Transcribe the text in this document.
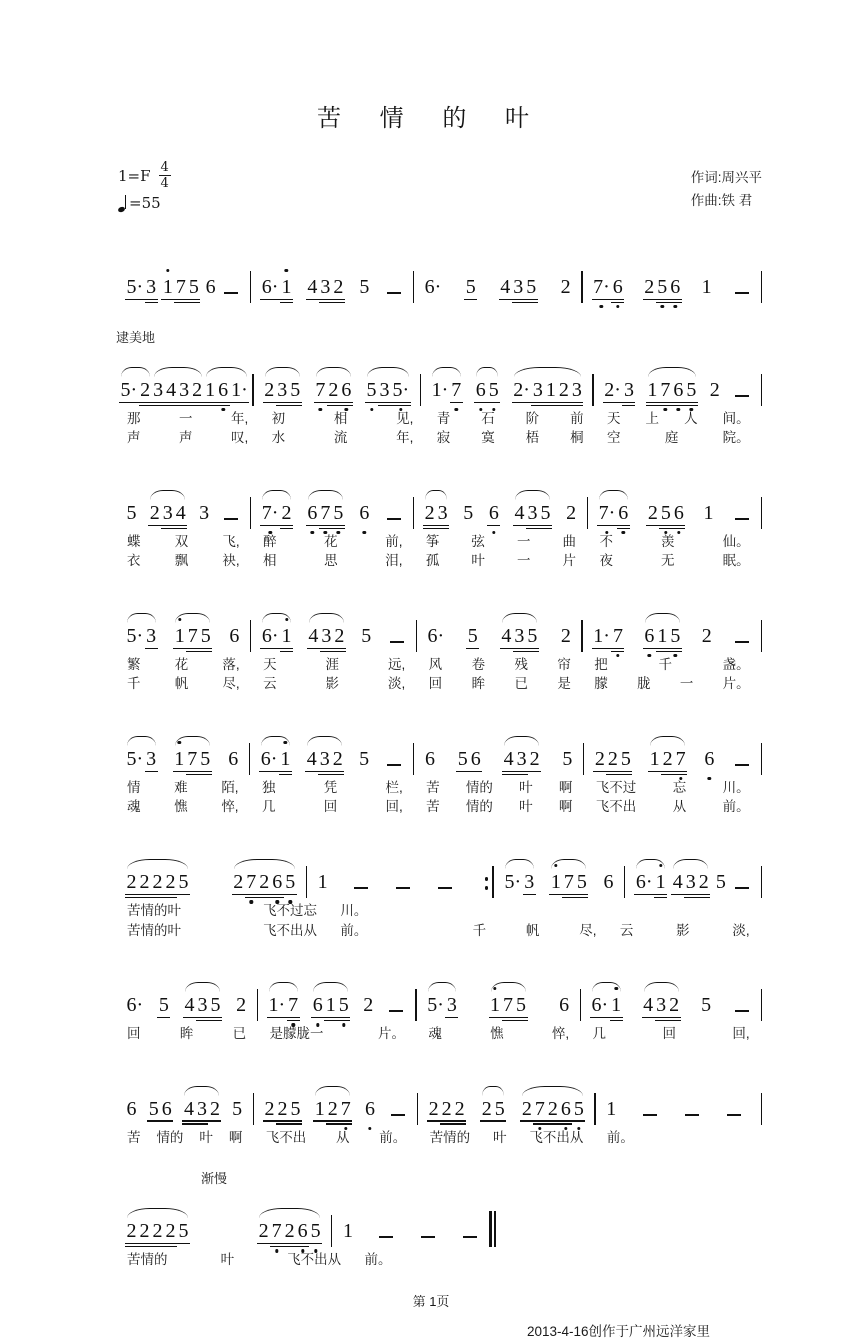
苦 情 的 叶
$1=F \frac{4}{4}$
=55
作词:周兴平
作曲:铁 君
5· 3 1 7 5 6 6· 1 4 3 2 5	6· 5 4 3 5 2 7· 6 2 5 6 1
逮美地
5· 2 3 4 3 2 1 6 1· 2 3 5 7 2 6 5 3 5· 1· 7 6 5 2· 3 1 2 3 2· 3 1 7 6 5 2
那	一	年, 初	相	见, 青 石 阶 前 天 上 人 间。
声	声	叹, 水	流	年, 寂 寞 梧 桐 空	庭	院。
5 2 3 4 3	7· 2 6 7 5 6	2 3 5 6 4 3 5 2 7· 6 2 5 6 1
蝶	双	飞, 醉	花	前, 筝 弦 一 曲 不	羡	仙。
衣	飘	袂, 相	思	泪, 孤 叶 一 片 夜	无	眠。
5· 3 1 7 5 6 6· 1 4 3 2 5	6· 5 4 3 5 2 1· 7 6 1 5 2
繁	花	落, 天	涯	远, 风 卷 残 帘 把	千	盏。
千	帆	尽, 云	影	淡, 回 眸 已 是 朦 胧 一 片。
5· 3 1 7 5 6 6· 1 4 3 2 5	6 5 6 4 3 2 5 2 2 5 1 2 7 6
情 难 陌, 独	凭	栏, 苦 情的 叶 啊 飞不过	忘	川。
魂 憔 悴, 几	回	回, 苦 情的 叶 啊 飞不出	从	前。
2 2 2 2 5 2 7 2 6 5 1	5· 3 1 7 5 6 6· 1 4 3 2 5
苦情的叶	飞不过忘 川。
苦情的叶	飞不出从 前。	千	帆	尽, 云	影	淡,
6· 5 4 3 5 2 1· 7 6 1 5 2	5· 3 1 7 5 6 6· 1 4 3 2 5
回	眸	已 是朦胧一	片。 魂	憔	悴, 几	回	回,
6 5 6 4 3 2 5 2 2 5 1 2 7 6	2 2 2 2 5 2 7 2 6 5 1
苦 情的 叶 啊 飞不出 从 前。 苦情的 叶 飞不出从 前。
渐慢
2 2 2 2 5	2 7 2 6 5 1
苦情的	叶	飞不出从 前。
第 1页
2013-4-16创作于广州远洋家里
